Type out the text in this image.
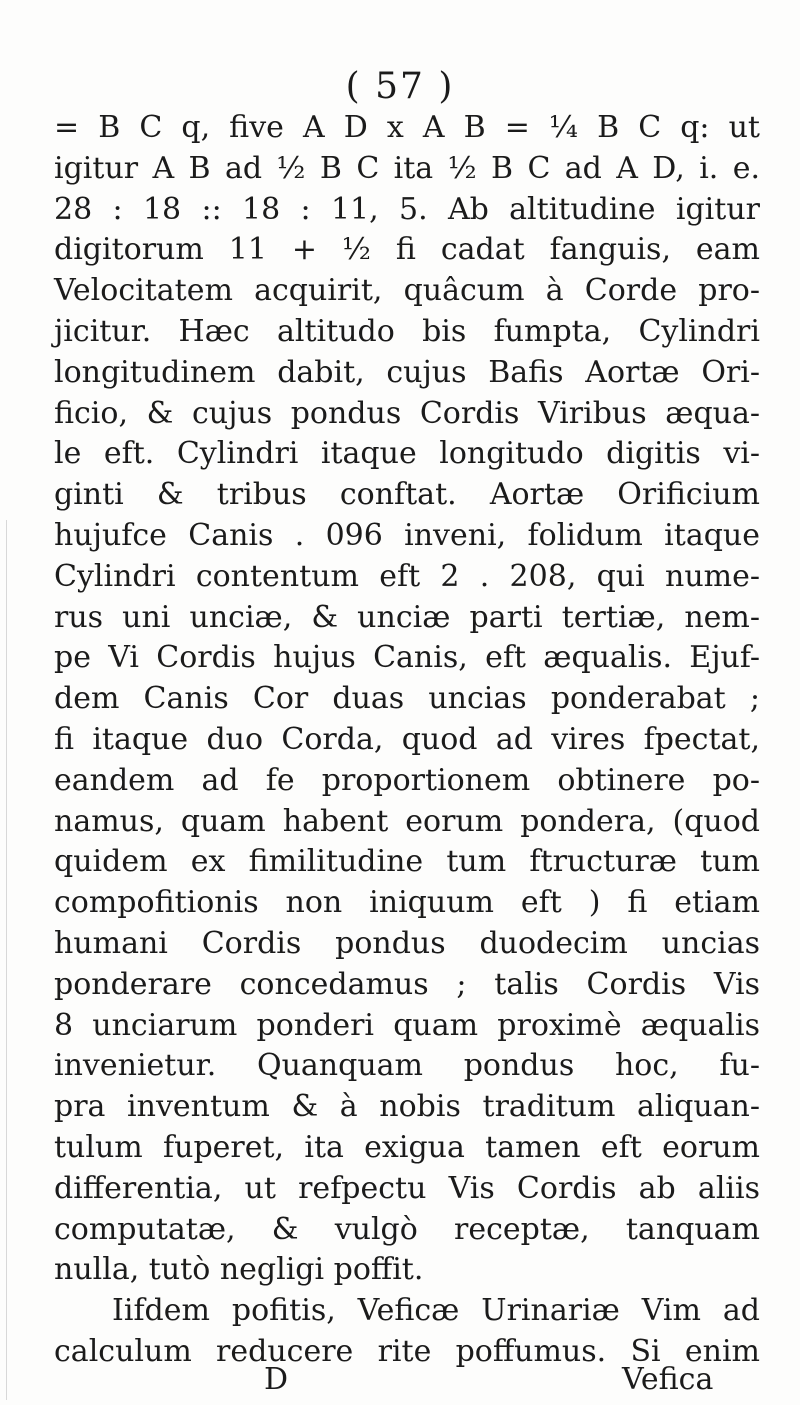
( 57 )
= B C q, five A D x A B = ¼ B C q: ut
igitur A B ad ½ B C ita ½ B C ad A D, i. e.
28 : 18 :: 18 : 11, 5. Ab altitudine igitur
digitorum 11 + ½ fi cadat fanguis, eam
Velocitatem acquirit, quâcum à Corde pro-
jicitur. Hæc altitudo bis fumpta, Cylindri
longitudinem dabit, cujus Bafis Aortæ Ori-
ficio, & cujus pondus Cordis Viribus æqua-
le eft. Cylindri itaque longitudo digitis vi-
ginti & tribus conftat. Aortæ Orificium
hujufce Canis . 096 inveni, folidum itaque
Cylindri contentum eft 2 . 208, qui nume-
rus uni unciæ, & unciæ parti tertiæ, nem-
pe Vi Cordis hujus Canis, eft æqualis. Ejuf-
dem Canis Cor duas uncias ponderabat ;
fi itaque duo Corda, quod ad vires fpectat,
eandem ad fe proportionem obtinere po-
namus, quam habent eorum pondera, (quod
quidem ex fimilitudine tum ftructuræ tum
compofitionis non iniquum eft ) fi etiam
humani Cordis pondus duodecim uncias
ponderare concedamus ; talis Cordis Vis
8 unciarum ponderi quam proximè æqualis
invenietur. Quanquam pondus hoc, fu-
pra inventum & à nobis traditum aliquan-
tulum fuperet, ita exigua tamen eft eorum
differentia, ut refpectu Vis Cordis ab aliis
computatæ, & vulgò receptæ, tanquam
nulla, tutò negligi poffit.
Iifdem pofitis, Veficæ Urinariæ Vim ad
calculum reducere rite poffumus. Si enim
D	Vefica
